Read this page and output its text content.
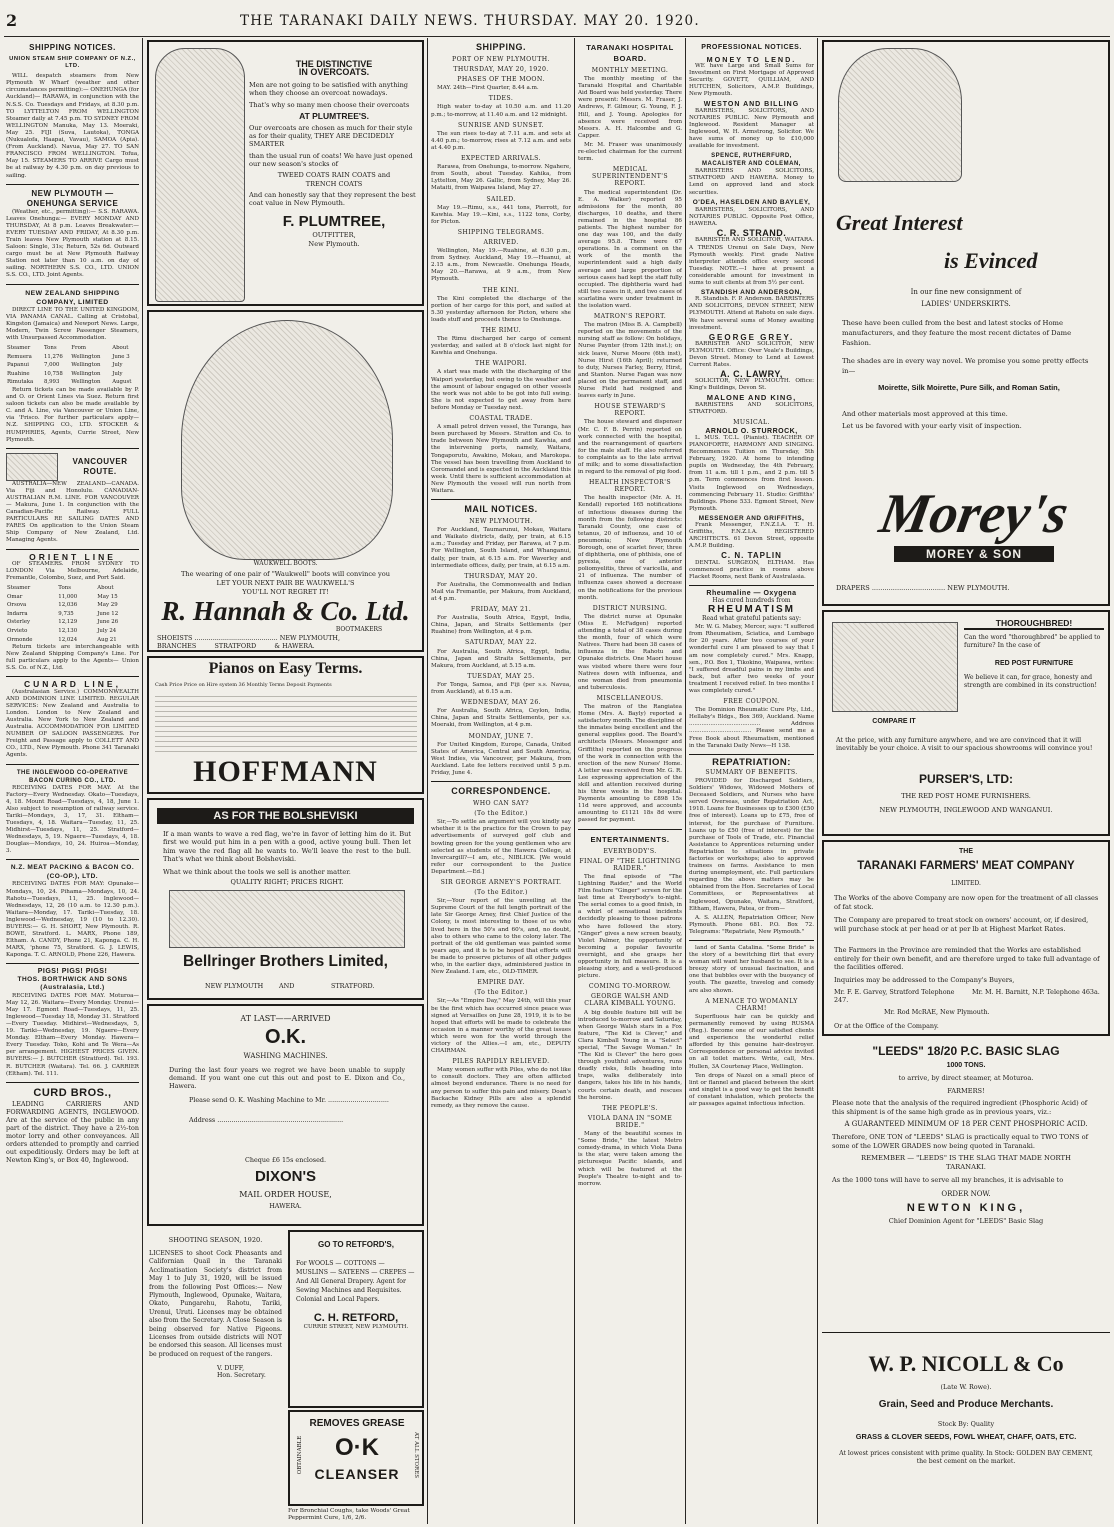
2	THE TARANAKI DAILY NEWS. THURSDAY. MAY 20. 1920.
SHIPPING NOTICES.
UNION STEAM SHIP COMPANY OF N.Z., LTD.

WILL despatch steamers from New Plymouth W Wharf (weather and other circumstances permitting):— ONEHUNGA (for Auckland)— RARAWA, in conjunction with the N.S.S. Co. Tuesdays and Fridays, at 8.30 p.m. TO LYTTELTON FROM WELLINGTON Steamer daily at 7.45 p.m. TO SYDNEY FROM WELLINGTON Manuka, May 13. Moeraki, May 25. FIJI (Suva, Lautoka), TONGA (Nukualofa, Haapai, Vavau), SAMOA (Apia). (From Auckland). Navua, May 27. TO SAN FRANCISCO FROM WELLINGTON. Tofua, May 15. STEAMERS TO ARRIVE Cargo must be at railway by 4.30 p.m. on day previous to sailing.

NEW PLYMOUTH — ONEHUNGA SERVICE

(Weather, etc., permitting):— S.S. RARAWA. Leaves Onehunga:— EVERY MONDAY AND THURSDAY, At 8 p.m. Leaves Breakwater:— EVERY TUESDAY AND FRIDAY, At 8.30 p.m. Train leaves New Plymouth station at 8.15. Saloon: Single, 31s; Return, 52s 6d. Outward cargo must be at New Plymouth Railway Station not later than 10 a.m. on day of sailing. NORTHERN S.S. CO., LTD. UNION S.S. CO., LTD. Joint Agents.

NEW ZEALAND SHIPPING COMPANY, LIMITED

DIRECT LINE TO THE UNITED KINGDOM, VIA PANAMA CANAL. Calling at Cristobal, Kingston (Jamaica) and Newport News. Large, Modern, Twin Screw Passenger Steamers, with Unsurpassed Accommodation.

Steamer	Tons	From	About
Remuera	11,276	Wellington	June 3
Papanui	7,000	Wellington	July
Ruahine	10,758	Wellington	July
Rimutaka	8,993	Wellington	August

Return tickets can be made available by P. and O. or Orient Lines via Suez. Return first saloon tickets can also be made available by C. and A. Line, via Vancouver or Union Line, via 'Frisco. For further particulars apply— N.Z. SHIPPING CO., LTD. STOCKER & HUMPHRIES, Agents, Currie Street, New Plymouth.

VANCOUVER ROUTE.

AUSTRALIA—NEW ZEALAND—CANADA. Via Fiji and Honolulu. CANADIAN-AUSTRALIAN R.M. LINE. FOR VANCOUVER— Makura, June 1. In conjunction with the Canadian-Pacific Railway. FULL PARTICULARS RE SAILING DATES AND FARES On application to the Union Steam Ship Company of New Zealand, Ltd. Managing Agents.

ORIENT LINE

OF STEAMERS. FROM SYDNEY TO LONDON Via Melbourne, Adelaide, Fremantle, Colombo, Suez, and Port Said.

Steamer	Tons	About
Omar	11,000	May 15
Orsova	12,036	May 29
Indarra	9,735	June 12
Osterley	12,129	June 26
Orvieto	12,130	July 24
Ormonde	12,024	Aug 21

Return tickets are interchangeable with New Zealand Shipping Company's Line. For full particulars apply to the Agents— Union S.S. Co. of N.Z., Ltd.

CUNARD LINE,

(Australasian Service.) COMMONWEALTH AND DOMINION LINE LIMITED. REGULAR SERVICES: New Zealand and Australia to London. London to New Zealand and Australia. New York to New Zealand and Australia. ACCOMMODATION FOR LIMITED NUMBER OF SALOON PASSENGERS. For Freight and Passage apply to COLLETT AND CO., LTD., New Plymouth. Phone 341 Taranaki Agents.

THE INGLEWOOD CO-OPERATIVE BACON CURING CO., LTD.

RECEIVING DATES FOR MAY. At the Factory—Every Wednesday. Okato—Tuesdays, 4, 18. Mount Road—Tuesdays, 4, 18, June 1. Also subject to resumption of railway service. Tariki—Mondays, 3, 17, 31. Eltham—Tuesdays, 4, 18. Waitara—Tuesday, 11, 25. Midhirst—Tuesdays, 11, 25. Stratford—Wednesdays, 5, 19. Ngaere—Tuesdays, 4, 18. Douglas—Mondays, 10, 24. Huiroa—Monday, 3.

N.Z. MEAT PACKING & BACON CO. (CO-OP.), LTD.

RECEIVING DATES FOR MAY: Opunake—Mondays, 10, 24. Pihama—Mondays, 10, 24. Rahotu—Tuesdays, 11, 25. Inglewood—Wednesdays, 12, 26 (10 a.m. to 12.30 p.m.). Waitara—Monday, 17. Tariki—Tuesday, 18. Inglewood—Wednesday, 19 (10 to 12.30). BUYERS:— G. H. SHORT, New Plymouth. R. BOWE, Stratford. L. MARX, Phone 189, Eltham. A. CANDY, Phone 21, Kaponga. C. H. MARX, 'phone 75, Stratford. G. J. LEWIS, Kaponga. T. C. ARNOLD, Phone 226, Hawera.

PIGS! PIGS! PIGS!
THOS. BORTHWICK AND SONS (Australasia, Ltd.)

RECEIVING DATES FOR MAY. Moturoa—May 12, 26. Waitara—Every Monday. Urenui—May 17. Egmont Road—Tuesdays, 11, 25. Inglewood—Tuesday 18, Monday 31. Stratford—Every Tuesday. Midhirst—Wednesdays, 5, 19. Tariki—Wednesday, 19. Ngaere—Every Monday. Eltham—Every Monday. Hawera—Every Tuesday. Toko, Kohi and Te Wera—As per arrangement. HIGHEST PRICES GIVEN. BUYERS:— J. BUTCHER (Stratford). Tel. 193. R. BUTCHER (Waitara). Tel. 66. J. CARRIER (Eltham). Tel. 111.

CURD BROS.,

LEADING CARRIERS AND FORWARDING AGENTS, INGLEWOOD. Are at the service of the public in any part of the district. They have a 2½-ton motor lorry and other conveyances. All orders attended to promptly and carried out expeditiously. Orders may be left at Newton King's, or Box 40, Inglewood.

THE DISTINCTIVE
IN OVERCOATS.
Men are not going to be satisfied with anything when they choose an overcoat nowadays.
That's why so many men choose their overcoats
AT PLUMTREE'S.
Our overcoats are chosen as much for their style as for their quality, THEY ARE DECIDEDLY SMARTER
than the usual run of coats! We have just opened our new season's stocks of
TWEED COATS RAIN COATS and TRENCH COATS
And can honestly say that they represent the best coat value in New Plymouth.
F. PLUMTREE,
OUTFITTER,
New Plymouth.
WAUKWELL BOOTS.
The wearing of one pair of "Waukwell" boots will convince you
LET YOUR NEXT PAIR BE WAUKWELL'S
YOU'LL NOT REGRET IT!
R. Hannah & Co. Ltd.
BOOTMAKERS
SHOEISTS ......................................... NEW PLYMOUTH,
BRANCHES         STRATFORD         & HAWERA.
Pianos on Easy Terms.
Cash Price Price on Hire system 36 Monthly Terms Deposit Payments
HOFFMANN
AS FOR THE BOLSHEVISKI
If a man wants to wave a red flag, we're in favor of letting him do it. But first we would put him in a pen with a good, active young bull. Then let him wave the red flag all he wants to. We'll leave the rest to the bull. That's what we think about Bolsheviski.
What we think about the tools we sell is another matter.
QUALITY RIGHT; PRICES RIGHT.
Bellringer Brothers Limited,
NEW PLYMOUTH AND	STRATFORD.
AT LAST——ARRIVED
O.K.
WASHING MACHINES.
During the last four years we regret we have been unable to supply demand. If you want one cut this out and post to E. Dixon and Co., Hawera.
Please send O. K. Washing Machine to Mr. ..............................
Address ..............................................................
Cheque £6 15s enclosed.
DIXON'S
MAIL ORDER HOUSE,
HAWERA.
SHOOTING SEASON, 1920.
LICENSES to shoot Cock Pheasants and Californian Quail in the Taranaki Acclimatisation Society's district from May 1 to July 31, 1920, will be issued from the following Post Offices:— New Plymouth, Inglewood, Opunake, Waitara, Okato, Pungarehu, Rahotu, Tariki, Urenui, Uruti. Licenses may be obtained also from the Secretary. A Close Season is being observed for Native Pigeons. Licenses from outside districts will NOT be endorsed this season. All licenses must be produced on request of the rangers.
V. DUFF,
Hon. Secretary.
GO TO RETFORD'S,
For WOOLS — COTTONS — MUSLINS — SATEENS — CREPES — And All General Drapery. Agent for Sewing Machines and Requisites. Colonial and Local Papers.
C. H. RETFORD,
CURRIE STREET, NEW PLYMOUTH.
OBTAINABLE	AT ALL STORES
REMOVES GREASE
O·K
CLEANSER
For Bronchial Coughs, take Woods' Great Peppermint Cure, 1/6, 2/6.
SHIPPING.
PORT OF NEW PLYMOUTH.
THURSDAY, MAY 20, 1920.
PHASES OF THE MOON.

MAY. 24th—First Quarter, 8.44 a.m.

TIDES.

High water to-day at 10.50 a.m. and 11.20 p.m.; to-morrow, at 11.40 a.m. and 12 midnight.

SUNRISE AND SUNSET.

The sun rises to-day at 7.11 a.m. and sets at 4.40 p.m.; to-morrow, rises at 7.12 a.m. and sets at 4.40 p.m.

EXPECTED ARRIVALS.

Rarawa, from Onehunga, to-morrow. Ngahere, from South, about Tuesday. Kahika, from Lyttelton, May 26. Gallic, from Sydney, May 26. Mataiti, from Waipawa Island, May 27.

SAILED.

May 19.—Rimu, s.s., 441 tons, Pierrott, for Kawhia. May 19.—Kini, s.s., 1122 tons, Corby, for Picton.

SHIPPING TELEGRAMS.
ARRIVED.

Wellington, May 19.—Ruahine, at 6.30 p.m., from Sydney. Auckland, May 19.—Huanui, at 2.15 a.m., from Newcastle. Onehunga Heads, May 20.—Rarawa, at 9 a.m., from New Plymouth.

THE KINI.

The Kini completed the discharge of the portion of her cargo for this port, and sailed at 5.30 yesterday afternoon for Picton, where she loads stuff and proceeds thence to Onehunga.

THE RIMU.

The Rimu discharged her cargo of cement yesterday, and sailed at 8 o'clock last night for Kawhia and Onehunga.

THE WAIPORI.

A start was made with the discharging of the Waipori yesterday, but owing to the weather and the amount of labour engaged on other vessels the work was not able to be got into full swing. She is not expected to get away from here before Monday or Tuesday next.

COASTAL TRADE.

A small petrol driven vessel, the Turanga, has been purchased by Messrs. Stratton and Co. to trade between New Plymouth and Kawhia, and the intervening ports, namely, Waitara, Tongaporutu, Awakino, Mokau, and Marokopa. The vessel has been travelling from Auckland to Coromandel and is expected in the Auckland this week. Until there is sufficient accommodation at New Plymouth the vessel will run north from Waitara.

MAIL NOTICES.
NEW PLYMOUTH.

For Auckland, Taumarunui, Mokau, Waitara and Waikato districts, daily, per train, at 6.15 a.m.; Tuesday and Friday, per Rarawa, at 7 p.m. For Wellington, South Island, and Whanganui, daily, per train, at 6.15 a.m. For Waverley and intermediate offices, daily, per train, at 6.15 a.m.

THURSDAY, MAY 20.

For Australia, the Commonwealth and Indian Mail via Fremantle, per Makura, from Auckland, at 4 p.m.

FRIDAY, MAY 21.

For Australia, South Africa, Egypt, India, China, Japan, and Straits Settlements (per Ruahine) from Wellington, at 4 p.m.

SATURDAY, MAY 22.

For Australia, South Africa, Egypt, India, China, Japan and Straits Settlements, per Makura, from Auckland, at 5.15 a.m.

TUESDAY, MAY 25.

For Tonga, Samoa, and Fiji (per s.s. Navua, from Auckland), at 6.15 a.m.

WEDNESDAY, MAY 26.

For Australia, South Africa, Ceylon, India, China, Japan and Straits Settlements, per s.s. Moeraki, from Wellington, at 4 p.m.

MONDAY, JUNE 7.

For United Kingdom, Europe, Canada, United States of America, Central and South America, West Indies, via Vancouver, per Makura, from Auckland. Late fee letters received until 5 p.m. Friday, June 4.

CORRESPONDENCE.
WHO CAN SAY?
(To the Editor.)

Sir,—To settle an argument will you kindly say whether it is the practice for the Crown to pay advertisements of surveyed golf club and bowling green for the young gentlemen who are selected as students of the Hawera College, at Invercargill?—I am, etc., NIBLICK. [We would refer our correspondent to the Justice Department.—Ed.]

SIR GEORGE ARNEY'S PORTRAIT.
(To the Editor.)

Sir,—Your report of the unveiling at the Supreme Court of the full length portrait of the late Sir George Arney, first Chief Justice of the Colony, is most interesting to those of us who lived here in the 50's and 60's, and, no doubt, also to others who came to the colony later. The portrait of the old gentleman was painted some years ago, and it is to be hoped that efforts will be made to preserve pictures of all other judges who, in the earlier days, administered justice in New Zealand. I am, etc., OLD-TIMER.

EMPIRE DAY.
(To the Editor.)

Sir,—As "Empire Day," May 24th, will this year be the first which has occurred since peace was signed at Versailles on June 28, 1919, it is to be hoped that efforts will be made to celebrate the occasion in a manner worthy of the great issues which were won for the world through the victory of the Allies.—I am, etc., DEPUTY CHAIRMAN.

PILES RAPIDLY RELIEVED.

Many women suffer with Piles, who do not like to consult doctors. They are often afflicted almost beyond endurance. There is no need for any person to suffer this pain and misery. Doan's Backache Kidney Pills are also a splendid remedy, as they remove the cause.

TARANAKI HOSPITAL BOARD.
MONTHLY MEETING.

The monthly meeting of the Taranaki Hospital and Charitable Aid Board was held yesterday. There were present: Messrs. M. Fraser, J. Andrews, F. Gilmour, G. Young, F. J. Hill, and J. Young. Apologies for absence were received from Messrs. A. H. Halcombe and G. Capper.

Mr. M. Fraser was unanimously re-elected chairman for the current term.

MEDICAL SUPERINTENDENT'S REPORT.

The medical superintendent (Dr. E. A. Walker) reported 95 admissions for the month, 80 discharges, 10 deaths, and there remained in the hospital 86 patients. The highest number for one day was 100, and the daily average 95.8. There were 67 operations. In a comment on the work of the month the superintendent said a high daily average and large proportion of serious cases had kept the staff fully occupied. The diphtheria ward had still two cases in it, and two cases of scarlatina were under treatment in the isolation ward.

MATRON'S REPORT.

The matron (Miss B. A. Campbell) reported on the movements of the nursing staff as follow: On holidays, Nurse Paynter (from 12th inst.); on sick leave, Nurse Moore (6th inst), Nurse Hirst (16th April); returned to duty, Nurses Farley, Berry, Hirst, and Stanton. Nurse Fagan was now placed on the permanent staff, and Nurse Field had resigned and leaves early in June.

HOUSE STEWARD'S REPORT.

The house steward and dispenser (Mr. C. F. B. Perrin) reported on work connected with the hospital, and the rearrangement of quarters for the male staff. He also referred to complaints as to the late arrival of milk; and to some dissatisfaction in regard to the removal of pig food.

HEALTH INSPECTOR'S REPORT.

The health inspector (Mr. A. H. Kendall) reported 165 notifications of infectious diseases during the month from the following districts: Taranaki County, one case of tetanus, 20 of influenza, and 10 of pneumonia; New Plymouth Borough, one of scarlet fever, three of diphtheria, one of phthisis, one of pyrexia, one of anterior poliomyelitis, three of varicella, and 21 of influenza. The number of influenza cases showed a decrease on the notifications for the previous month.

DISTRICT NURSING.

The district nurse at Opunake (Miss E. McFadgen) reported attending a total of 38 cases during the month, four of which were Natives. There had been 38 cases of influenza in the Rahotu and Opunake districts. One Maori house was visited where there were four Natives down with influenza, and one woman died from pneumonia and tuberculosis.

MISCELLANEOUS.

The matron of the Rangiatea Home (Mrs. A. Bayly) reported a satisfactory month. The discipline of the inmates being excellent and the general supplies good. The Board's architects (Messrs. Messenger and Griffiths) reported on the progress of the work in connection with the erection of the new Nurses' Home. A letter was received from Mr. G. R. Lee expressing appreciation of the skill and attention received during his three weeks in the hospital. Payments amounting to £898 15s 11d were approved, and accounts amounting to £1121 18s 8d were passed for payment.

ENTERTAINMENTS.
EVERYBODY'S.
FINAL OF "THE LIGHTNING RAIDER."

The final episode of "The Lightning Raider," and the World Film feature "Ginger" screen for the last time at Everybody's to-night. The serial comes to a good finish, in a whirl of sensational incidents decidedly pleasing to those patrons who have followed the story. "Ginger" gives a new screen beauty, Violet Palmer, the opportunity of becoming a popular favourite overnight, and she grasps her opportunity in full measure. It is a pleasing story, and a well-produced picture.

COMING TO-MORROW.
GEORGE WALSH AND CLARA KIMBALL YOUNG.

A big double feature bill will be introduced to-morrow and Saturday, when George Walsh stars in a Fox feature, "The Kid is Clever," and Clara Kimball Young in a "Select" special, "The Savage Woman." In "The Kid is Clever" the hero goes through youthful adventures, runs deadly risks, fells heading into traps, walks deliberately into dangers, takes his life in his hands, courts certain death, and rescues the heroine.

THE PEOPLE'S.
VIOLA DANA IN "SOME BRIDE."

Many of the beautiful scenes in "Some Bride," the latest Metro comedy-drama, in which Viola Dana is the star, were taken among the picturesque Pacific islands, and which will be featured at the People's Theatre to-night and to-morrow.

PROFESSIONAL NOTICES.
MONEY TO LEND.

WE have Large and Small Sums for Investment on First Mortgage of Approved Security. GOVETT, QUILLIAM, AND HUTCHEN, Solicitors, A.M.P. Buildings, New Plymouth.

WESTON AND BILLING

BARRISTERS, SOLICITORS, AND NOTARIES PUBLIC. New Plymouth and Inglewood. Resident Manager at Inglewood, W. H. Armstrong, Solicitor. We have sums of money up to £10,000 available for investment.

SPENCE, RUTHERFURD, MACALISTER AND COLEMAN,

BARRISTERS AND SOLICITORS, STRATFORD AND HAWERA. Money to Lend on approved land and stock securities.

O'DEA, HASELDEN AND BAYLEY,

BARRISTERS, SOLICITORS, AND NOTARIES PUBLIC. Opposite Post Office, HAWERA.

C. R. STRAND.

BARRISTER AND SOLICITOR, WAITARA. A TRENDS Urenui on Sale Days, New Plymouth weekly. First grade Native interpreter attends office every second Tuesday. NOTE.—I have at present a considerable amount for investment in sums to suit clients at from 5½ per cent.

STANDISH AND ANDERSON,

R. Standish. F. P. Anderson. BARRISTERS AND SOLICITORS, DEVON STREET, NEW PLYMOUTH. Attend at Rahotu on sale days. We have several sums of Money awaiting investment.

GEORGE GREY.

BARRISTER AND SOLICITOR, NEW PLYMOUTH. Office: Over Veale's Buildings, Devon Street. Money to Lend at Lowest Current Rates.

A. C. LAWRY,

SOLICITOR, NEW PLYMOUTH. Office: King's Buildings, Devon St.

MALONE AND KING,

BARRISTERS AND SOLICITORS, STRATFORD.

MUSICAL.
ARNOLD O. STURROCK,

L. MUS. T.C.L. (Pianist). TEACHER OF PIANOFORTE, HARMONY AND SINGING. Recommences Tuition on Thursday, 5th February, 1920. At home to intending pupils on Wednesday, the 4th February, from 11 a.m. till 1 p.m., and 2 p.m. till 5 p.m. Term commences from first lesson. Visits Inglewood on Wednesdays, commencing February 11. Studio: Griffiths' Buildings. Phone 533. Egmont Street, New Plymouth.

MESSENGER AND GRIFFITHS,

Frank Messenger, F.N.Z.I.A. T. H. Griffiths, F.N.Z.I.A. REGISTERED ARCHITECTS. 61 Devon Street, opposite A.M.P. Building.

C. N. TAPLIN

DENTAL SURGEON, ELTHAM. Has commenced practice in rooms above Flacket Rooms, next Bank of Australasia.

Rheumaline — Oxygena
Has cured hundreds from
RHEUMATISM
Read what grateful patients say:

Mr. W. G. Mabey, Mercer, says: "I suffered from Rheumatism, Sciatica, and Lumbago for 20 years. After two courses of your wonderful cure I am pleased to say that I am now completely cured." Mrs. Knapp, sen., P.O. Box 1, Tikokino, Waipawa, writes: "I suffered dreadful pains in my limbs and back, but after two weeks of your treatment I received relief. In two months I was completely cured."

FREE COUPON.

The Dominion Rheumatic Cure Pty., Ltd., Hellaby's Bldgs., Box 369, Auckland. Name ........................................ Address ................................... Please send me a Free Book about Rheumatism, mentioned in the Taranaki Daily News—H 138.

REPATRIATION:
SUMMARY OF BENEFITS.

PROVIDED for Discharged Soldiers, Soldiers' Widows, Widowed Mothers of Deceased Soldiers, and Nurses who have served Overseas, under Repatriation Act, 1918. Loans for Businesses up to £300 (£50 free of interest). Loans up to £75, free of interest, for the purchase of Furniture. Loans up to £50 (free of interest) for the purchase of Tools of Trade, etc. Financial Assistance to Apprentices returning under Repatriation to situations in private factories or workshops; also to approved trainees on farms. Assistance to men during unemployment, etc. Full particulars regarding the above matters may be obtained from the Hon. Secretaries of Local Committees, or Representatives at Inglewood, Opunake, Waitara, Stratford, Eltham, Hawera, Patea, or from—

A. S. ALLEN, Repatriation Officer, New Plymouth. Phone 681. P.O. Box 72. Telegrams: "Repatriate, New Plymouth."

land of Santa Catalina. "Some Bride" is the story of a bewitching flirt that every woman will want her husband to see. It is a breezy story of unusual fascination, and one that bubbles over with the buoyancy of youth. The gazette, travelog and comedy are also shown.

A MENACE TO WOMANLY CHARM!

Superfluous hair can be quickly and permanently removed by using RUSMA (Reg.). Become one of our satisfied clients and experience the wonderful relief afforded by this genuine hair-destroyer. Correspondence or personal advice invited on all toilet matters. Write, call, Mrs. Hullen, 3A Courtenay Place, Wellington.

Ten drops of Nazol on a small piece of lint or flannel and placed between the skirt and singlet is a good way to get the benefit of constant inhalation, which protects the air passages against infectious infection.

Great Interest
is Evinced
In our fine new consignment of
LADIES' UNDERSKIRTS.
These have been culled from the best and latest stocks of Home manufacturers, and they feature the most recent dictates of Dame Fashion.
The shades are in every way novel. We promise you some pretty effects in—
Moirette, Silk Moirette, Pure Silk, and Roman Satin,
And other materials most approved at this time.
Let us be favored with your early visit of inspection.
Morey's
MOREY & SON
DRAPERS ................................... NEW PLYMOUTH.
THOROUGHBRED!
Can the word "thoroughbred" be applied to furniture? In the case of
RED POST FURNITURE
We believe it can, for grace, honesty and strength are combined in its construction!
COMPARE IT
At the price, with any furniture anywhere, and we are convinced that it will inevitably be your choice. A visit to our spacious showrooms will convince you!
PURSER'S, LTD:
THE RED POST HOME FURNISHERS.
NEW PLYMOUTH, INGLEWOOD AND WANGANUI.
THE
TARANAKI FARMERS' MEAT COMPANY
LIMITED.
The Works of the above Company are now open for the treatment of all classes of fat stock.
The Company are prepared to treat stock on owners' account, or, if desired, will purchase stock at per head or at per lb at Highest Market Rates.
The Farmers in the Province are reminded that the Works are established entirely for their own benefit, and are therefore urged to take full advantage of the facilities offered.
Inquiries may be addressed to the Company's Buyers,
Mr. F. E. Garvey, Stratford Telephone 247.
Mr. M. H. Barnitt, N.P. Telephone 463a.
Mr. Rod McRAE, New Plymouth.
Or at the Office of the Company.
"LEEDS" 18/20 P.C. BASIC SLAG
1000 TONS.
to arrive, by direct steamer, at Moturoa.
FARMERS!
Please note that the analysis of the required ingredient (Phosphoric Acid) of this shipment is of the same high grade as in previous years, viz.:
A GUARANTEED MINIMUM OF 18 PER CENT PHOSPHORIC ACID.
Therefore, ONE TON of "LEEDS" SLAG is practically equal to TWO TONS of some of the LOWER GRADES now being quoted in Taranaki.
REMEMBER — "LEEDS" IS THE SLAG THAT MADE NORTH TARANAKI.
As the 1000 tons will have to serve all my branches, it is advisable to
ORDER NOW.
NEWTON KING,
Chief Dominion Agent for "LEEDS" Basic Slag
W. P. NICOLL & Co
(Late W. Rowe).
Grain, Seed and Produce Merchants.
Stock By: Quality
GRASS & CLOVER SEEDS, FOWL WHEAT, CHAFF, OATS, ETC.
At lowest prices consistent with prime quality. In Stock: GOLDEN BAY CEMENT, the best cement on the market.
